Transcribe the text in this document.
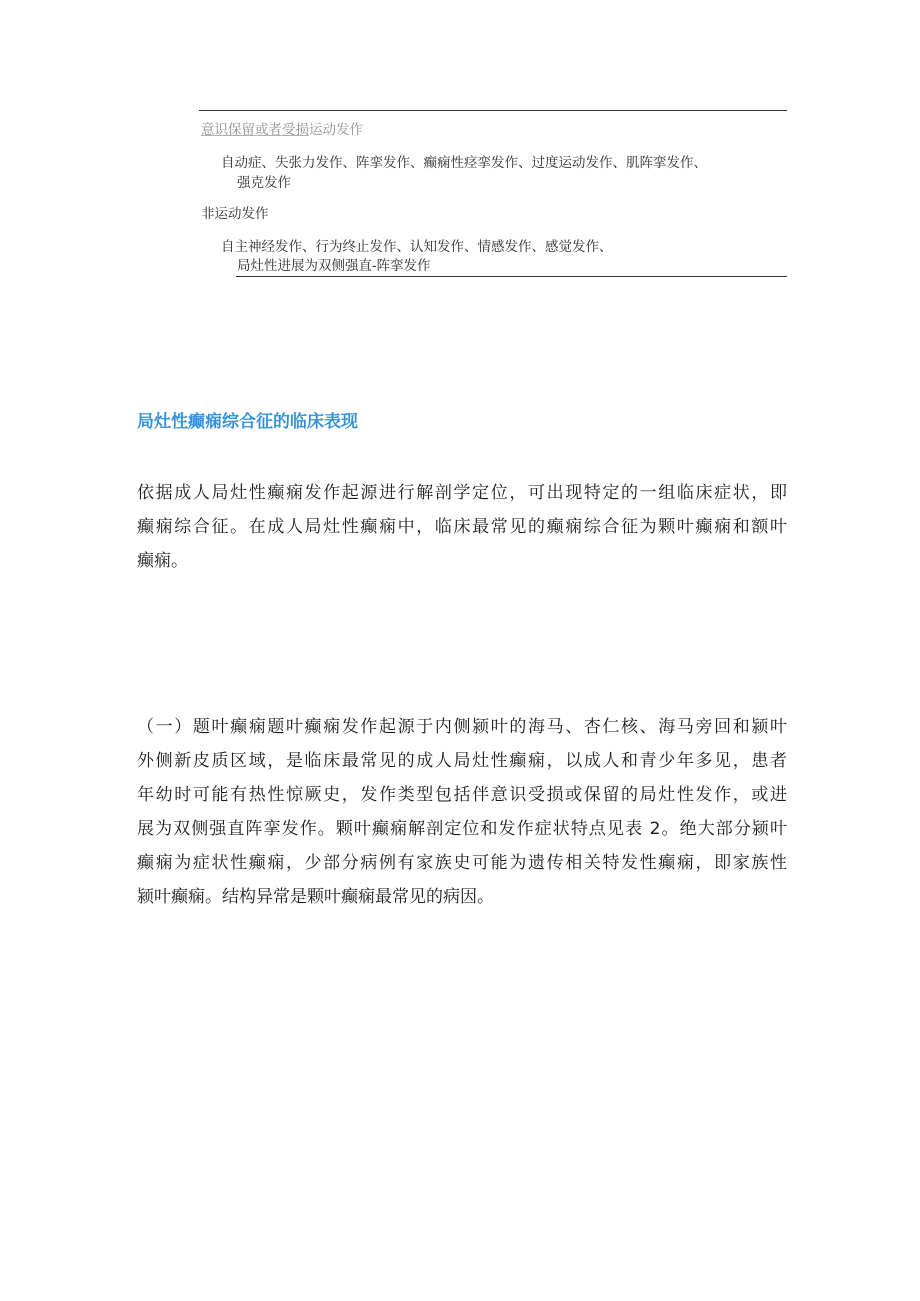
意识保留或者受损运动发作
自动症、失张力发作、阵挛发作、癫痫性痉挛发作、过度运动发作、肌阵挛发作、
强克发作
非运动发作
自主神经发作、行为终止发作、认知发作、情感发作、感觉发作、
局灶性进展为双侧强直-阵挛发作
局灶性癫痫综合征的临床表现
依据成人局灶性癫痫发作起源进行解剖学定位，可出现特定的一组临床症状，即
癫痫综合征。在成人局灶性癫痫中，临床最常见的癫痫综合征为颗叶癫痫和额叶
癫痫。
（一）题叶癫痫题叶癫痫发作起源于内侧颍叶的海马、杏仁核、海马旁回和颍叶
外侧新皮质区域，是临床最常见的成人局灶性癫痫，以成人和青少年多见，患者
年幼时可能有热性惊厥史，发作类型包括伴意识受损或保留的局灶性发作，或进
展为双侧强直阵挛发作。颗叶癫痫解剖定位和发作症状特点见表 2。绝大部分颍叶
癫痫为症状性癫痫，少部分病例有家族史可能为遗传相关特发性癫痫，即家族性
颍叶癫痫。结构异常是颗叶癫痫最常见的病因。
